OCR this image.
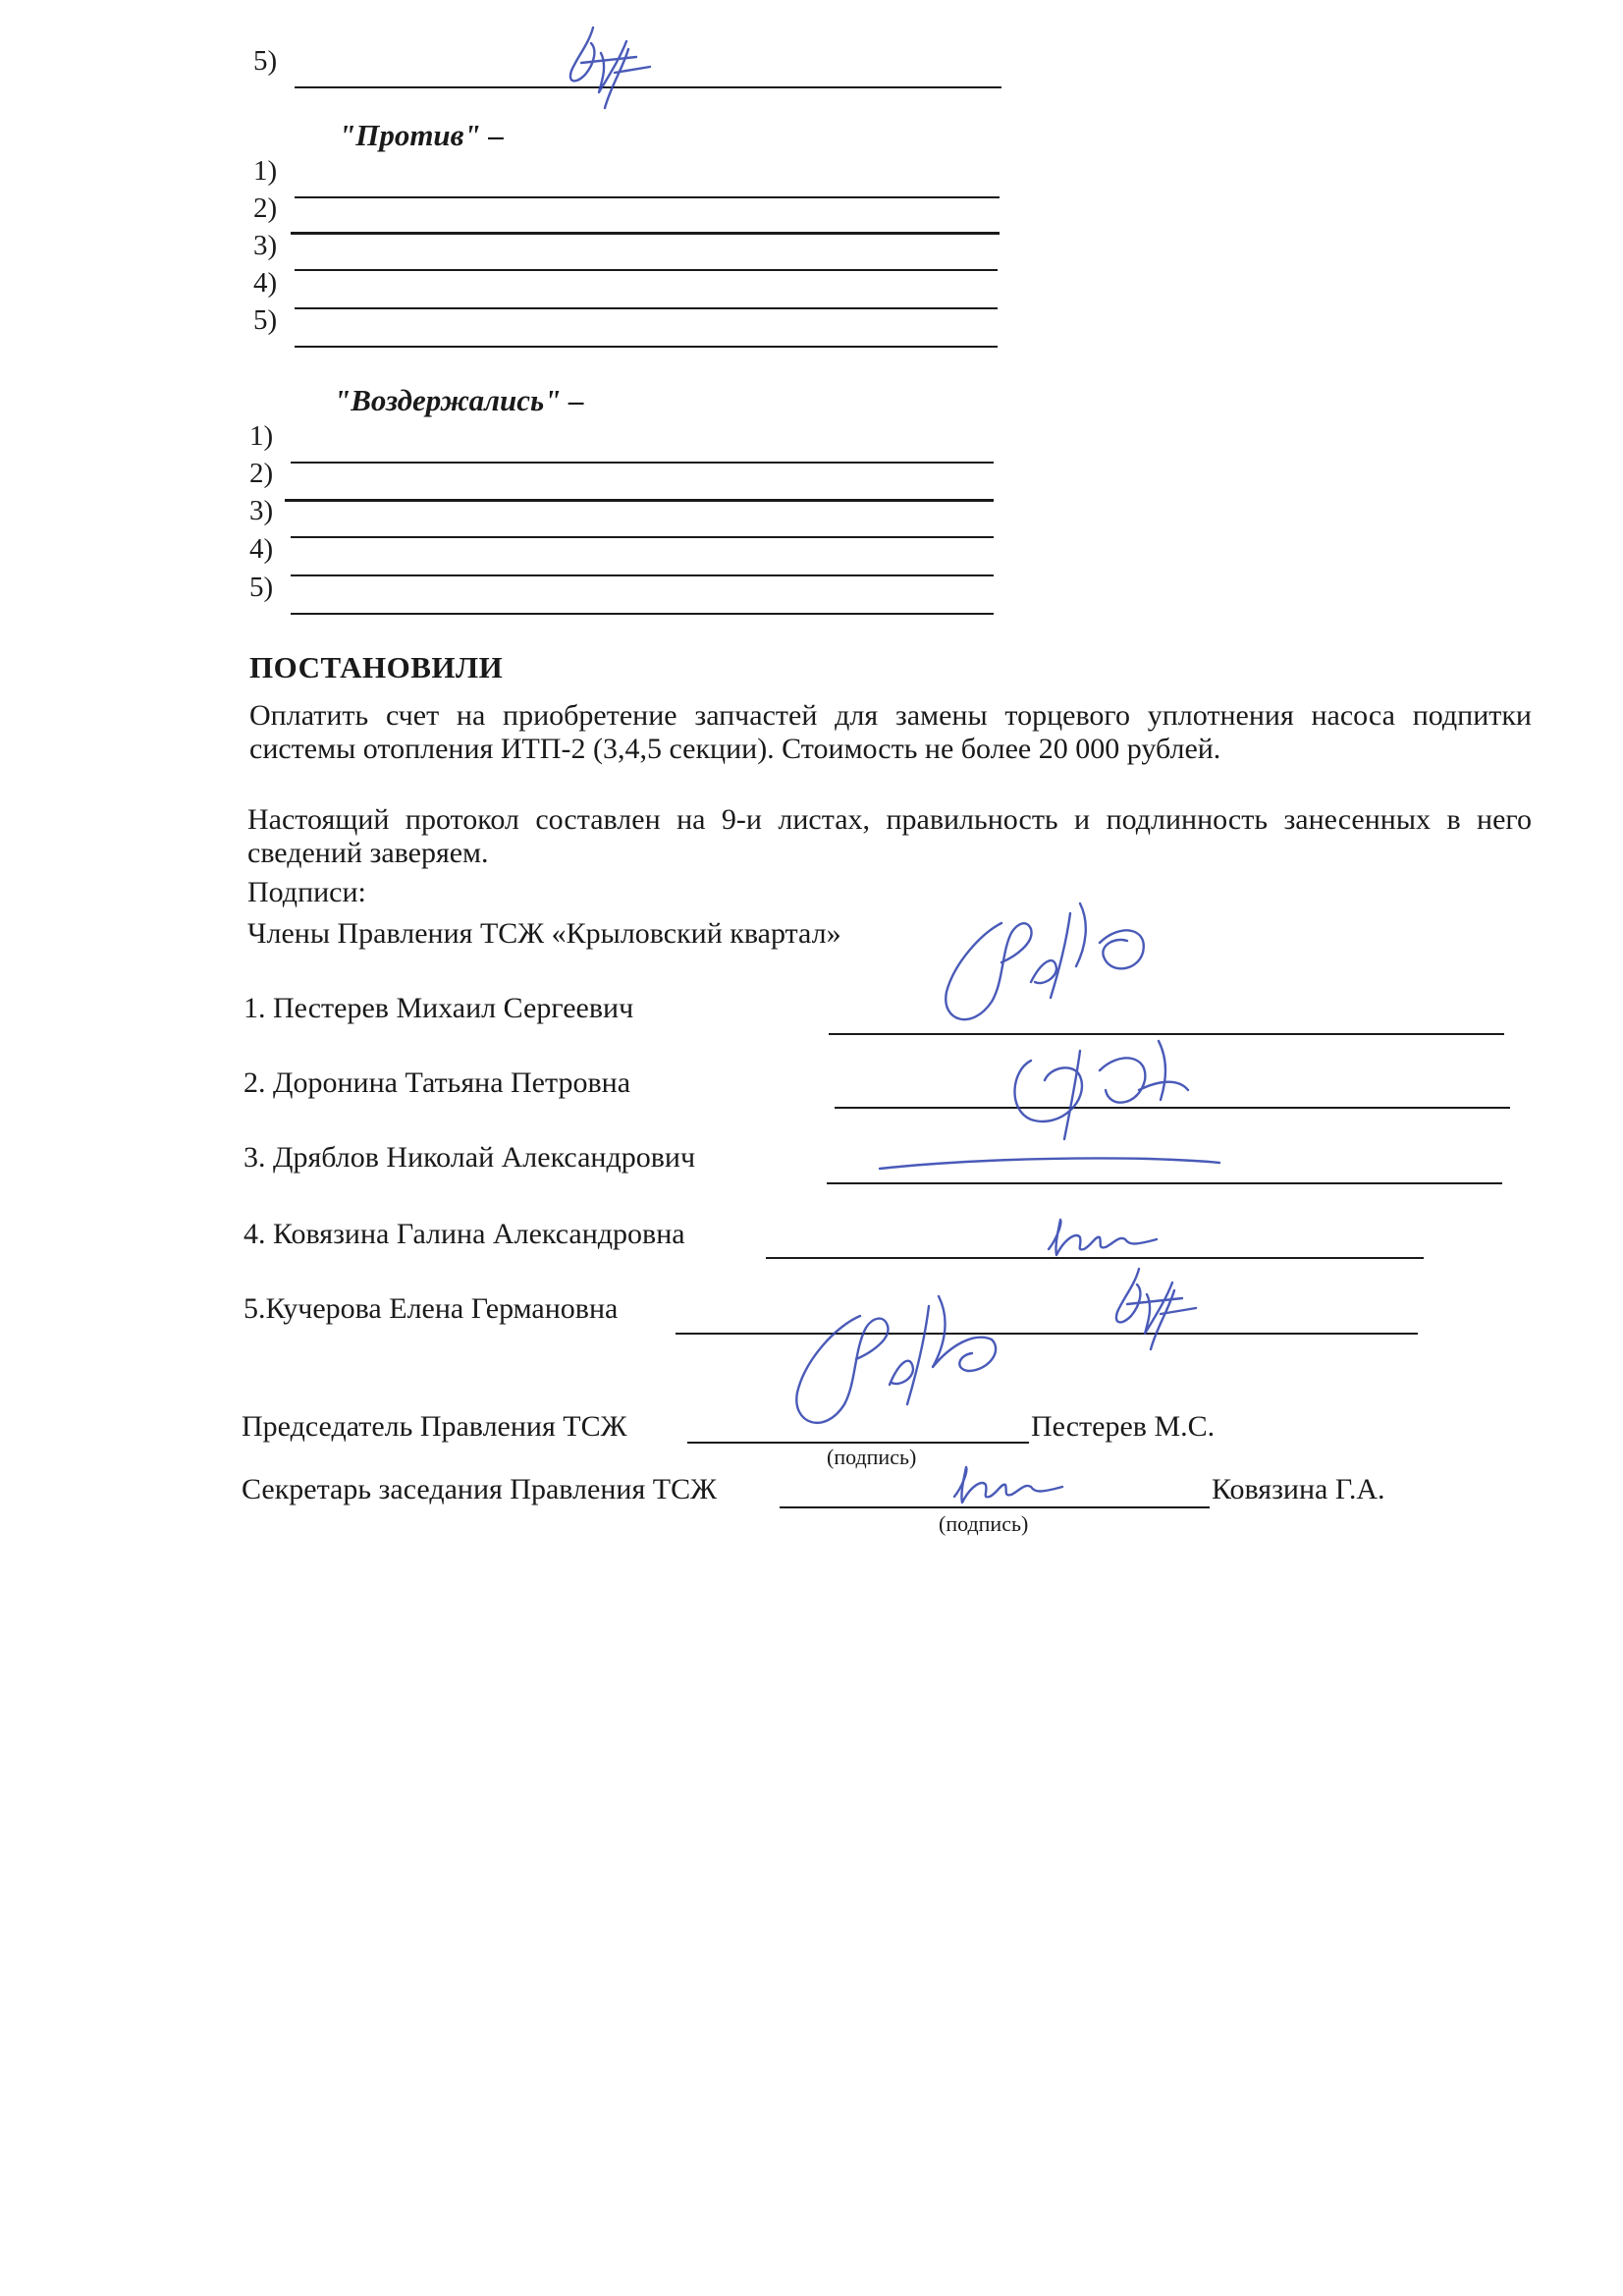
5)
"Против" –
1)
2)
3)
4)
5)
"Воздержались" –
1)
2)
3)
4)
5)
ПОСТАНОВИЛИ
Оплатить счет на приобретение запчастей для замены торцевого уплотнения насоса подпитки системы отопления ИТП-2 (3,4,5 секции). Стоимость не более 20 000 рублей.
Настоящий протокол составлен на 9-и листах, правильность и подлинность занесенных в него сведений заверяем.
Подписи:
Члены Правления ТСЖ «Крыловский квартал»
1. Пестерев Михаил Сергеевич
2. Доронина Татьяна Петровна
3. Дряблов Николай Александрович
4. Ковязина Галина Александровна
5.Кучерова Елена Германовна
Председатель Правления ТСЖ	Пестерев М.С.
(подпись)
Секретарь заседания Правления ТСЖ	Ковязина Г.А.
(подпись)
